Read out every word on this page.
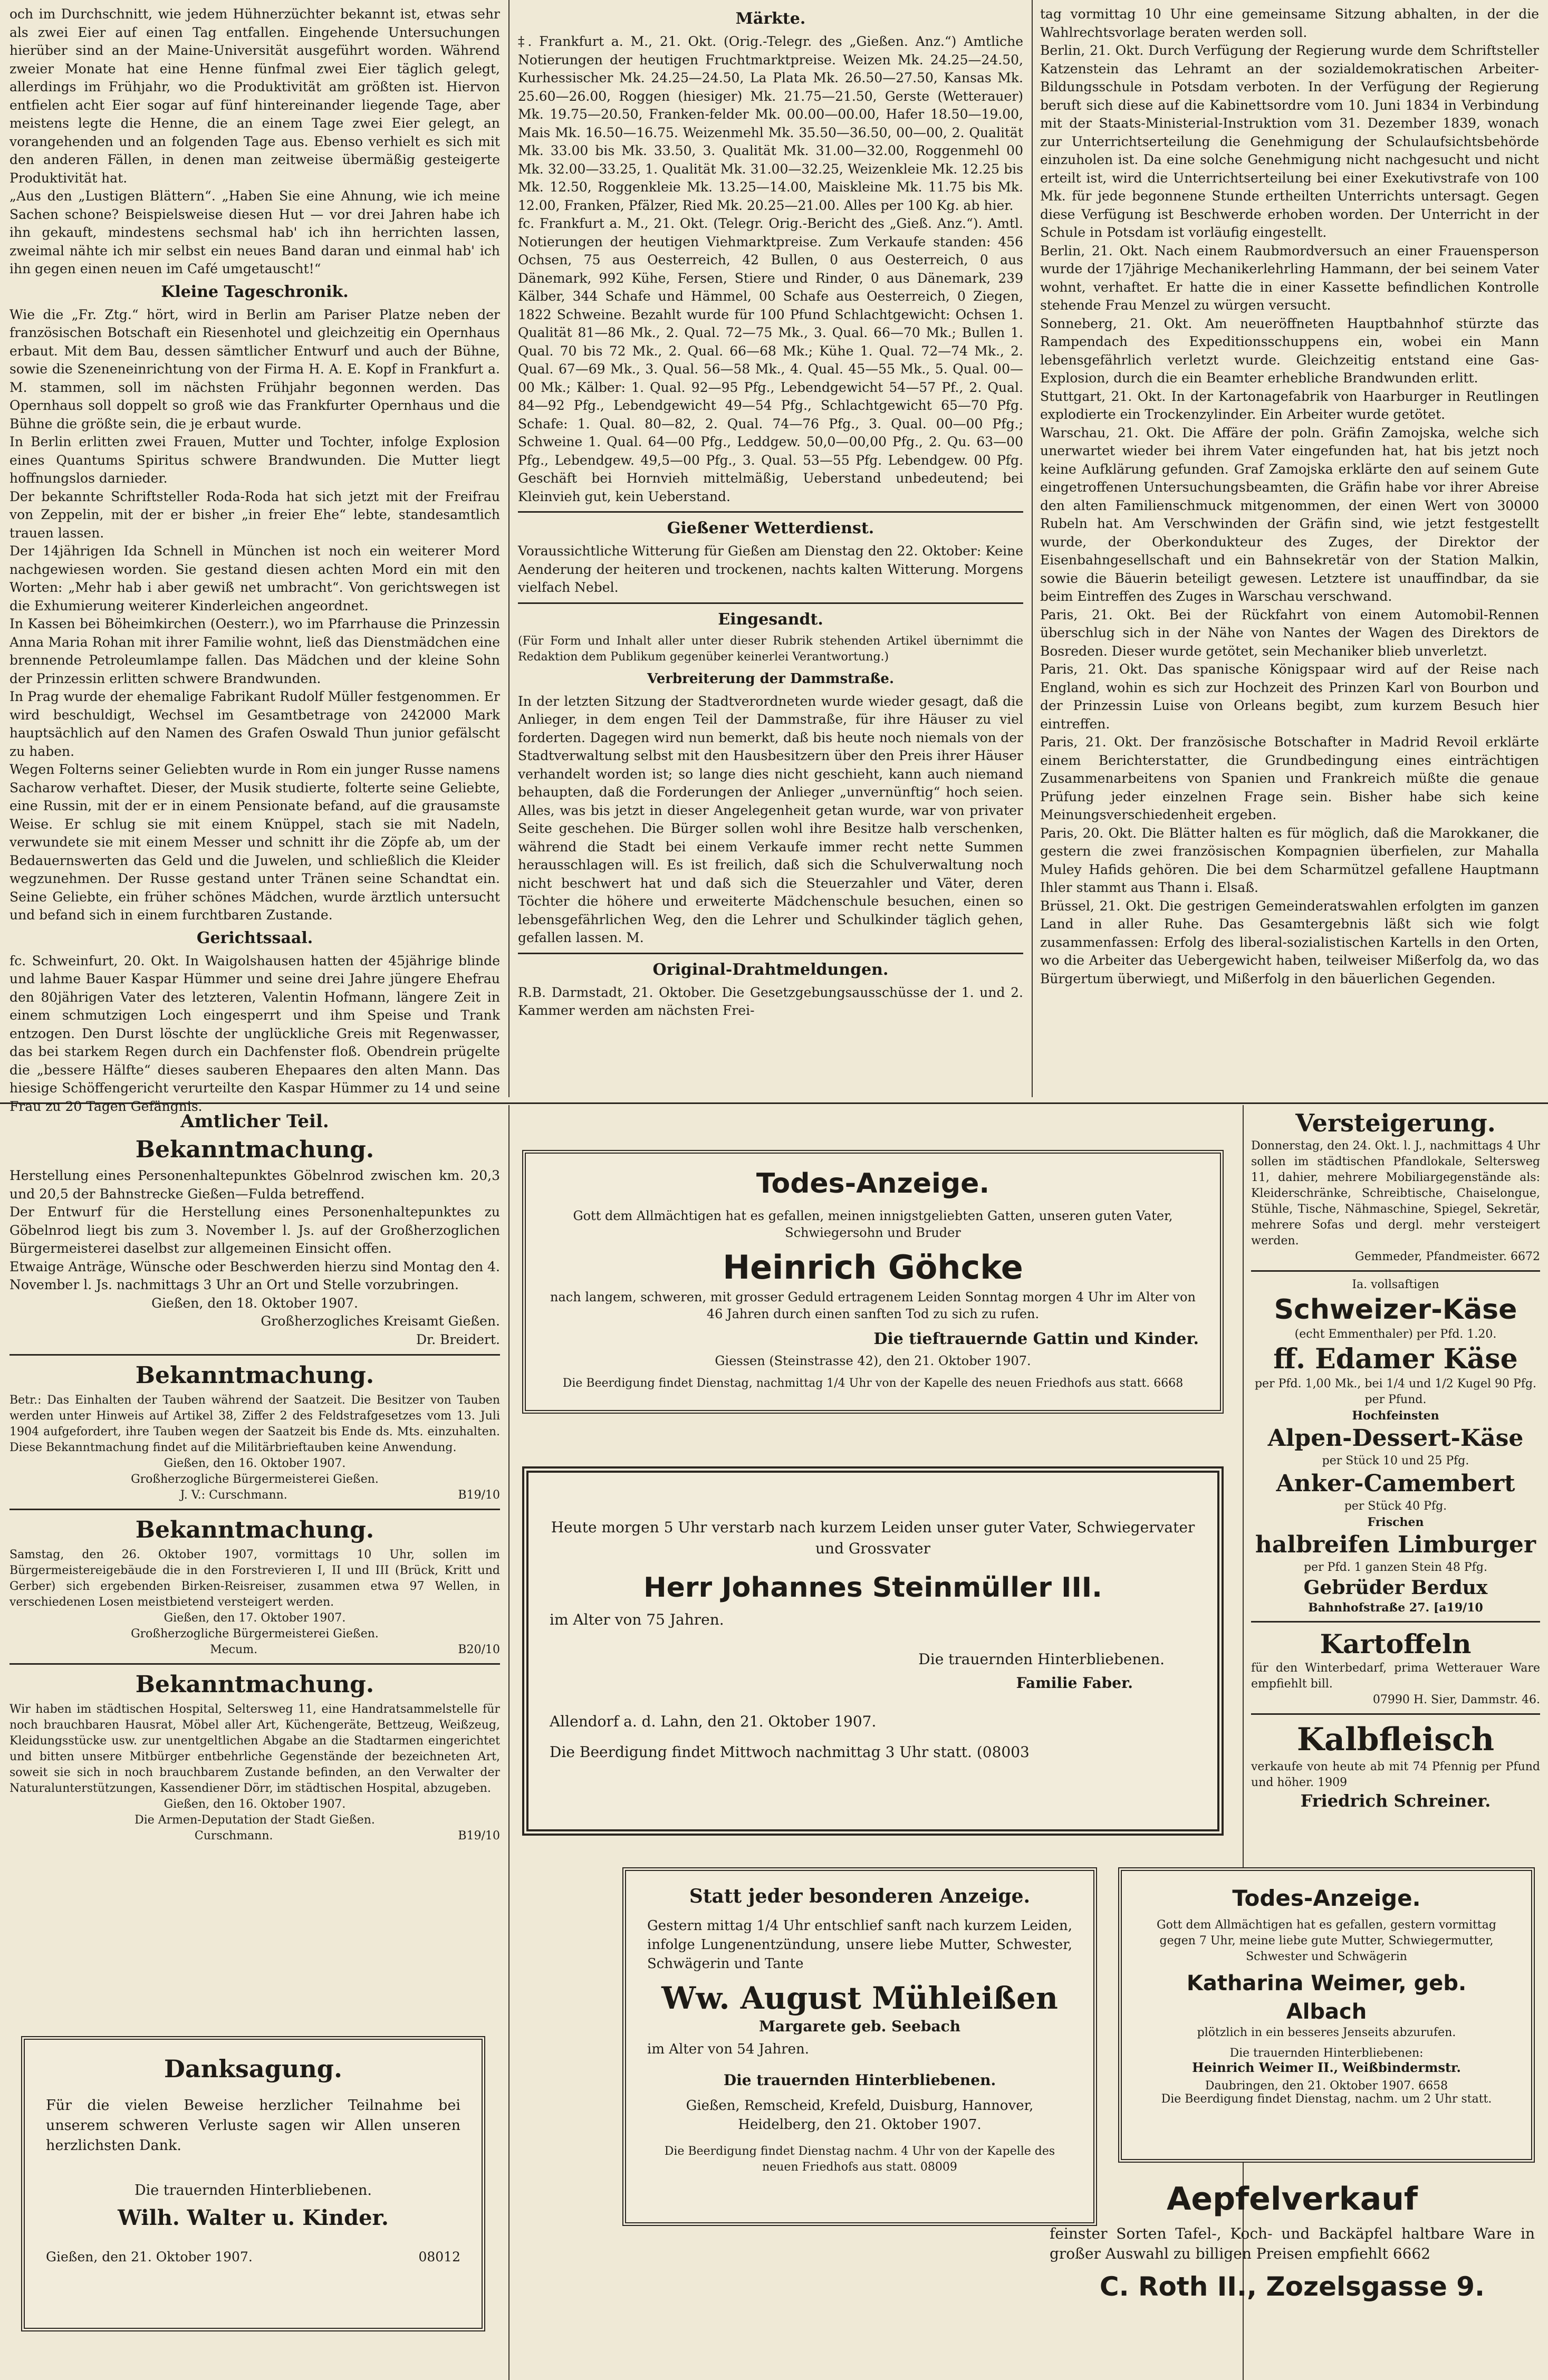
och im Durchschnitt, wie jedem Hühnerzüchter bekannt ist, etwas sehr als zwei Eier auf einen Tag entfallen. Eingehende Untersuchungen hierüber sind an der Maine-Universität ausgeführt worden. Während zweier Monate hat eine Henne fünfmal zwei Eier täglich gelegt, allerdings im Frühjahr, wo die Produktivität am größten ist. Hiervon entfielen acht Eier sogar auf fünf hintereinander liegende Tage, aber meistens legte die Henne, die an einem Tage zwei Eier gelegt, an vorangehenden und an folgenden Tage aus. Ebenso verhielt es sich mit den anderen Fällen, in denen man zeitweise übermäßig gesteigerte Produktivität hat.

„Aus den „Lustigen Blättern“. „Haben Sie eine Ahnung, wie ich meine Sachen schone? Beispielsweise diesen Hut — vor drei Jahren habe ich ihn gekauft, mindestens sechsmal hab' ich ihn herrichten lassen, zweimal nähte ich mir selbst ein neues Band daran und einmal hab' ich ihn gegen einen neuen im Café umgetauscht!“

Kleine Tageschronik.

Wie die „Fr. Ztg.“ hört, wird in Berlin am Pariser Platze neben der französischen Botschaft ein Riesenhotel und gleichzeitig ein Opernhaus erbaut. Mit dem Bau, dessen sämtlicher Entwurf und auch der Bühne, sowie die Szeneneinrichtung von der Firma H. A. E. Kopf in Frankfurt a. M. stammen, soll im nächsten Frühjahr begonnen werden. Das Opernhaus soll doppelt so groß wie das Frankfurter Opernhaus und die Bühne die größte sein, die je erbaut wurde.

In Berlin erlitten zwei Frauen, Mutter und Tochter, infolge Explosion eines Quantums Spiritus schwere Brandwunden. Die Mutter liegt hoffnungslos darnieder.

Der bekannte Schriftsteller Roda-Roda hat sich jetzt mit der Freifrau von Zeppelin, mit der er bisher „in freier Ehe“ lebte, standesamtlich trauen lassen.

Der 14jährigen Ida Schnell in München ist noch ein weiterer Mord nachgewiesen worden. Sie gestand diesen achten Mord ein mit den Worten: „Mehr hab i aber gewiß net umbracht“. Von gerichtswegen ist die Exhumierung weiterer Kinderleichen angeordnet.

In Kassen bei Böheimkirchen (Oesterr.), wo im Pfarrhause die Prinzessin Anna Maria Rohan mit ihrer Familie wohnt, ließ das Dienstmädchen eine brennende Petroleumlampe fallen. Das Mädchen und der kleine Sohn der Prinzessin erlitten schwere Brandwunden.

In Prag wurde der ehemalige Fabrikant Rudolf Müller festgenommen. Er wird beschuldigt, Wechsel im Gesamtbetrage von 242000 Mark hauptsächlich auf den Namen des Grafen Oswald Thun junior gefälscht zu haben.

Wegen Folterns seiner Geliebten wurde in Rom ein junger Russe namens Sacharow verhaftet. Dieser, der Musik studierte, folterte seine Geliebte, eine Russin, mit der er in einem Pensionate befand, auf die grausamste Weise. Er schlug sie mit einem Knüppel, stach sie mit Nadeln, verwundete sie mit einem Messer und schnitt ihr die Zöpfe ab, um der Bedauernswerten das Geld und die Juwelen, und schließlich die Kleider wegzunehmen. Der Russe gestand unter Tränen seine Schandtat ein. Seine Geliebte, ein früher schönes Mädchen, wurde ärztlich untersucht und befand sich in einem furchtbaren Zustande.

Gerichtssaal.

fc. Schweinfurt, 20. Okt. In Waigolshausen hatten der 45jährige blinde und lahme Bauer Kaspar Hümmer und seine drei Jahre jüngere Ehefrau den 80jährigen Vater des letzteren, Valentin Hofmann, längere Zeit in einem schmutzigen Loch eingesperrt und ihm Speise und Trank entzogen. Den Durst löschte der unglückliche Greis mit Regenwasser, das bei starkem Regen durch ein Dachfenster floß. Obendrein prügelte die „bessere Hälfte“ dieses sauberen Ehepaares den alten Mann. Das hiesige Schöffengericht verurteilte den Kaspar Hümmer zu 14 und seine Frau zu 20 Tagen Gefängnis.

Märkte.

‡. Frankfurt a. M., 21. Okt. (Orig.-Telegr. des „Gießen. Anz.“) Amtliche Notierungen der heutigen Fruchtmarktpreise. Weizen Mk. 24.25—24.50, Kurhessischer Mk. 24.25—24.50, La Plata Mk. 26.50—27.50, Kansas Mk. 25.60—26.00, Roggen (hiesiger) Mk. 21.75—21.50, Gerste (Wetterauer) Mk. 19.75—20.50, Franken-felder Mk. 00.00—00.00, Hafer 18.50—19.00, Mais Mk. 16.50—16.75. Weizenmehl Mk. 35.50—36.50, 00—00, 2. Qualität Mk. 33.00 bis Mk. 33.50, 3. Qualität Mk. 31.00—32.00, Roggenmehl 00 Mk. 32.00—33.25, 1. Qualität Mk. 31.00—32.25, Weizenkleie Mk. 12.25 bis Mk. 12.50, Roggenkleie Mk. 13.25—14.00, Maiskleine Mk. 11.75 bis Mk. 12.00, Franken, Pfälzer, Ried Mk. 20.25—21.00. Alles per 100 Kg. ab hier.

fc. Frankfurt a. M., 21. Okt. (Telegr. Orig.-Bericht des „Gieß. Anz.“). Amtl. Notierungen der heutigen Viehmarktpreise. Zum Verkaufe standen: 456 Ochsen, 75 aus Oesterreich, 42 Bullen, 0 aus Oesterreich, 0 aus Dänemark, 992 Kühe, Fersen, Stiere und Rinder, 0 aus Dänemark, 239 Kälber, 344 Schafe und Hämmel, 00 Schafe aus Oesterreich, 0 Ziegen, 1822 Schweine. Bezahlt wurde für 100 Pfund Schlachtgewicht: Ochsen 1. Qualität 81—86 Mk., 2. Qual. 72—75 Mk., 3. Qual. 66—70 Mk.; Bullen 1. Qual. 70 bis 72 Mk., 2. Qual. 66—68 Mk.; Kühe 1. Qual. 72—74 Mk., 2. Qual. 67—69 Mk., 3. Qual. 56—58 Mk., 4. Qual. 45—55 Mk., 5. Qual. 00—00 Mk.; Kälber: 1. Qual. 92—95 Pfg., Lebendgewicht 54—57 Pf., 2. Qual. 84—92 Pfg., Lebendgewicht 49—54 Pfg., Schlachtgewicht 65—70 Pfg. Schafe: 1. Qual. 80—82, 2. Qual. 74—76 Pfg., 3. Qual. 00—00 Pfg.; Schweine 1. Qual. 64—00 Pfg., Leddgew. 50,0—00,00 Pfg., 2. Qu. 63—00 Pfg., Lebendgew. 49,5—00 Pfg., 3. Qual. 53—55 Pfg. Lebendgew. 00 Pfg. Geschäft bei Hornvieh mittelmäßig, Ueberstand unbedeutend; bei Kleinvieh gut, kein Ueberstand.

Gießener Wetterdienst.

Voraussichtliche Witterung für Gießen am Dienstag den 22. Oktober: Keine Aenderung der heiteren und trockenen, nachts kalten Witterung. Morgens vielfach Nebel.

Eingesandt.

(Für Form und Inhalt aller unter dieser Rubrik stehenden Artikel übernimmt die Redaktion dem Publikum gegenüber keinerlei Verantwortung.)

Verbreiterung der Dammstraße.

In der letzten Sitzung der Stadtverordneten wurde wieder gesagt, daß die Anlieger, in dem engen Teil der Dammstraße, für ihre Häuser zu viel forderten. Dagegen wird nun bemerkt, daß bis heute noch niemals von der Stadtverwaltung selbst mit den Hausbesitzern über den Preis ihrer Häuser verhandelt worden ist; so lange dies nicht geschieht, kann auch niemand behaupten, daß die Forderungen der Anlieger „unvernünftig“ hoch seien. Alles, was bis jetzt in dieser Angelegenheit getan wurde, war von privater Seite geschehen. Die Bürger sollen wohl ihre Besitze halb verschenken, während die Stadt bei einem Verkaufe immer recht nette Summen herausschlagen will. Es ist freilich, daß sich die Schulverwaltung noch nicht beschwert hat und daß sich die Steuerzahler und Väter, deren Töchter die höhere und erweiterte Mädchenschule besuchen, einen so lebensgefährlichen Weg, den die Lehrer und Schulkinder täglich gehen, gefallen lassen. M.

Original-Drahtmeldungen.

R.B. Darmstadt, 21. Oktober. Die Gesetzgebungsausschüsse der 1. und 2. Kammer werden am nächsten Frei-

tag vormittag 10 Uhr eine gemeinsame Sitzung abhalten, in der die Wahlrechtsvorlage beraten werden soll.

Berlin, 21. Okt. Durch Verfügung der Regierung wurde dem Schriftsteller Katzenstein das Lehramt an der sozialdemokratischen Arbeiter-Bildungsschule in Potsdam verboten. In der Verfügung der Regierung beruft sich diese auf die Kabinettsordre vom 10. Juni 1834 in Verbindung mit der Staats-Ministerial-Instruktion vom 31. Dezember 1839, wonach zur Unterrichtserteilung die Genehmigung der Schulaufsichtsbehörde einzuholen ist. Da eine solche Genehmigung nicht nachgesucht und nicht erteilt ist, wird die Unterrichtserteilung bei einer Exekutivstrafe von 100 Mk. für jede begonnene Stunde ertheilten Unterrichts untersagt. Gegen diese Verfügung ist Beschwerde erhoben worden. Der Unterricht in der Schule in Potsdam ist vorläufig eingestellt.

Berlin, 21. Okt. Nach einem Raubmordversuch an einer Frauensperson wurde der 17jährige Mechanikerlehrling Hammann, der bei seinem Vater wohnt, verhaftet. Er hatte die in einer Kassette befindlichen Kontrolle stehende Frau Menzel zu würgen versucht.

Sonneberg, 21. Okt. Am neueröffneten Hauptbahnhof stürzte das Rampendach des Expeditionsschuppens ein, wobei ein Mann lebensgefährlich verletzt wurde. Gleichzeitig entstand eine Gas-Explosion, durch die ein Beamter erhebliche Brandwunden erlitt.

Stuttgart, 21. Okt. In der Kartonagefabrik von Haarburger in Reutlingen explodierte ein Trockenzylinder. Ein Arbeiter wurde getötet.

Warschau, 21. Okt. Die Affäre der poln. Gräfin Zamojska, welche sich unerwartet wieder bei ihrem Vater eingefunden hat, hat bis jetzt noch keine Aufklärung gefunden. Graf Zamojska erklärte den auf seinem Gute eingetroffenen Untersuchungsbeamten, die Gräfin habe vor ihrer Abreise den alten Familienschmuck mitgenommen, der einen Wert von 30000 Rubeln hat. Am Verschwinden der Gräfin sind, wie jetzt festgestellt wurde, der Oberkondukteur des Zuges, der Direktor der Eisenbahngesellschaft und ein Bahnsekretär von der Station Malkin, sowie die Bäuerin beteiligt gewesen. Letztere ist unauffindbar, da sie beim Eintreffen des Zuges in Warschau verschwand.

Paris, 21. Okt. Bei der Rückfahrt von einem Automobil-Rennen überschlug sich in der Nähe von Nantes der Wagen des Direktors de Bosreden. Dieser wurde getötet, sein Mechaniker blieb unverletzt.

Paris, 21. Okt. Das spanische Königspaar wird auf der Reise nach England, wohin es sich zur Hochzeit des Prinzen Karl von Bourbon und der Prinzessin Luise von Orleans begibt, zum kurzem Besuch hier eintreffen.

Paris, 21. Okt. Der französische Botschafter in Madrid Revoil erklärte einem Berichterstatter, die Grundbedingung eines einträchtigen Zusammenarbeitens von Spanien und Frankreich müßte die genaue Prüfung jeder einzelnen Frage sein. Bisher habe sich keine Meinungsverschiedenheit ergeben.

Paris, 20. Okt. Die Blätter halten es für möglich, daß die Marokkaner, die gestern die zwei französischen Kompagnien überfielen, zur Mahalla Muley Hafids gehören. Die bei dem Scharmützel gefallene Hauptmann Ihler stammt aus Thann i. Elsaß.

Brüssel, 21. Okt. Die gestrigen Gemeinderatswahlen erfolgten im ganzen Land in aller Ruhe. Das Gesamtergebnis läßt sich wie folgt zusammenfassen: Erfolg des liberal-sozialistischen Kartells in den Orten, wo die Arbeiter das Uebergewicht haben, teilweiser Mißerfolg da, wo das Bürgertum überwiegt, und Mißerfolg in den bäuerlichen Gegenden.

Amtlicher Teil.
Bekanntmachung.

Herstellung eines Personenhaltepunktes Göbelnrod zwischen km. 20,3 und 20,5 der Bahnstrecke Gießen—Fulda betreffend.

Der Entwurf für die Herstellung eines Personenhaltepunktes zu Göbelnrod liegt bis zum 3. November l. Js. auf der Großherzoglichen Bürgermeisterei daselbst zur allgemeinen Einsicht offen.

Etwaige Anträge, Wünsche oder Beschwerden hierzu sind Montag den 4. November l. Js. nachmittags 3 Uhr an Ort und Stelle vorzubringen.

Gießen, den 18. Oktober 1907.

Großherzogliches Kreisamt Gießen.

Dr. Breidert.

Bekanntmachung.

Betr.: Das Einhalten der Tauben während der Saatzeit. Die Besitzer von Tauben werden unter Hinweis auf Artikel 38, Ziffer 2 des Feldstrafgesetzes vom 13. Juli 1904 aufgefordert, ihre Tauben wegen der Saatzeit bis Ende ds. Mts. einzuhalten. Diese Bekanntmachung findet auf die Militärbrieftauben keine Anwendung.

Gießen, den 16. Oktober 1907.

Großherzogliche Bürgermeisterei Gießen.

J. V.: Curschmann.	B19/10

Bekanntmachung.

Samstag, den 26. Oktober 1907, vormittags 10 Uhr, sollen im Bürgermeistereigebäude die in den Forstrevieren I, II und III (Brück, Kritt und Gerber) sich ergebenden Birken-Reisreiser, zusammen etwa 97 Wellen, in verschiedenen Losen meistbietend versteigert werden.

Gießen, den 17. Oktober 1907.

Großherzogliche Bürgermeisterei Gießen.

Mecum.	B20/10

Bekanntmachung.

Wir haben im städtischen Hospital, Seltersweg 11, eine Handratsammelstelle für noch brauchbaren Hausrat, Möbel aller Art, Küchengeräte, Bettzeug, Weißzeug, Kleidungsstücke usw. zur unentgeltlichen Abgabe an die Stadtarmen eingerichtet und bitten unsere Mitbürger entbehrliche Gegenstände der bezeichneten Art, soweit sie sich in noch brauchbarem Zustande befinden, an den Verwalter der Naturalunterstützungen, Kassendiener Dörr, im städtischen Hospital, abzugeben.

Gießen, den 16. Oktober 1907.

Die Armen-Deputation der Stadt Gießen.

Curschmann.	B19/10

Danksagung.

Für die vielen Beweise herzlicher Teilnahme bei unserem schweren Verluste sagen wir Allen unseren herzlichsten Dank.

Die trauernden Hinterbliebenen.

Wilh. Walter u. Kinder.

Gießen, den 21. Oktober 1907.	08012

Todes-Anzeige.

Gott dem Allmächtigen hat es gefallen, meinen innigstgeliebten Gatten, unseren guten Vater, Schwiegersohn und Bruder

Heinrich Göhcke

nach langem, schweren, mit grosser Geduld ertragenem Leiden Sonntag morgen 4 Uhr im Alter von 46 Jahren durch einen sanften Tod zu sich zu rufen.

Die tieftrauernde Gattin und Kinder.

Giessen (Steinstrasse 42), den 21. Oktober 1907.

Die Beerdigung findet Dienstag, nachmittag 1/4 Uhr von der Kapelle des neuen Friedhofs aus statt. 6668

Heute morgen 5 Uhr verstarb nach kurzem Leiden unser guter Vater, Schwiegervater und Grossvater

Herr Johannes Steinmüller III.

im Alter von 75 Jahren.

Die trauernden Hinterbliebenen.

Familie Faber.

Allendorf a. d. Lahn, den 21. Oktober 1907.

Die Beerdigung findet Mittwoch nachmittag 3 Uhr statt. (08003

Statt jeder besonderen Anzeige.

Gestern mittag 1/4 Uhr entschlief sanft nach kurzem Leiden, infolge Lungenentzündung, unsere liebe Mutter, Schwester, Schwägerin und Tante

Ww. August Mühleißen

Margarete geb. Seebach

im Alter von 54 Jahren.

Die trauernden Hinterbliebenen.

Gießen, Remscheid, Krefeld, Duisburg, Hannover, Heidelberg, den 21. Oktober 1907.

Die Beerdigung findet Dienstag nachm. 4 Uhr von der Kapelle des neuen Friedhofs aus statt. 08009

Todes-Anzeige.

Gott dem Allmächtigen hat es gefallen, gestern vormittag gegen 7 Uhr, meine liebe gute Mutter, Schwiegermutter, Schwester und Schwägerin

Katharina Weimer, geb. Albach

plötzlich in ein besseres Jenseits abzurufen.

Die trauernden Hinterbliebenen:

Heinrich Weimer II., Weißbindermstr.

Daubringen, den 21. Oktober 1907. 6658

Die Beerdigung findet Dienstag, nachm. um 2 Uhr statt.

Aepfelverkauf

feinster Sorten Tafel-, Koch- und Backäpfel haltbare Ware in großer Auswahl zu billigen Preisen empfiehlt 6662

C. Roth II., Zozelsgasse 9.

Versteigerung.

Donnerstag, den 24. Okt. l. J., nachmittags 4 Uhr sollen im städtischen Pfandlokale, Seltersweg 11, dahier, mehrere Mobiliargegenstände als: Kleiderschränke, Schreibtische, Chaiselongue, Stühle, Tische, Nähmaschine, Spiegel, Sekretär, mehrere Sofas und dergl. mehr versteigert werden.

Gemmeder, Pfandmeister. 6672

Ia. vollsaftigen

Schweizer-Käse

(echt Emmenthaler) per Pfd. 1.20.

ff. Edamer Käse

per Pfd. 1,00 Mk., bei 1/4 und 1/2 Kugel 90 Pfg. per Pfund.

Hochfeinsten

Alpen-Dessert-Käse

per Stück 10 und 25 Pfg.

Anker-Camembert

per Stück 40 Pfg.

Frischen

halbreifen Limburger

per Pfd. 1 ganzen Stein 48 Pfg.

Gebrüder Berdux

Bahnhofstraße 27. [a19/10

Kartoffeln

für den Winterbedarf, prima Wetterauer Ware empfiehlt bill.

07990 H. Sier, Dammstr. 46.

Kalbfleisch

verkaufe von heute ab mit 74 Pfennig per Pfund und höher. 1909

Friedrich Schreiner.
